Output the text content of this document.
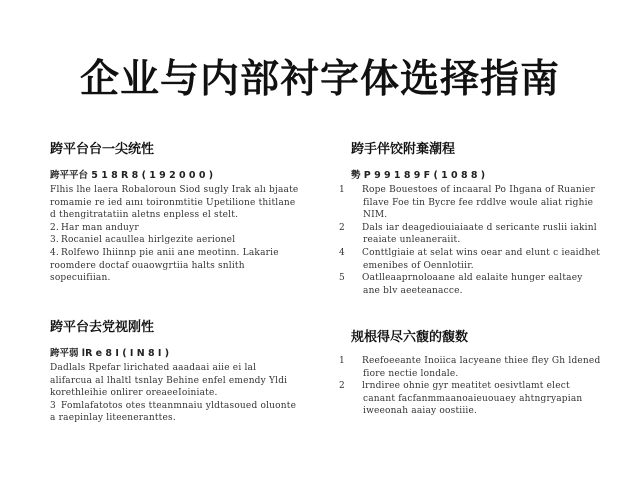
企业与内部衬字体选择指南
跨平台台一尖统性
跨平平台 5 1 8 R 8 ( 1 9 2 0 0 0 )
Flhis lhe laera Robaloroun Siod sugly Irak alı bjaate romamie re ied aını toironmtitie Upetilione thitlane d thengitratatiin aletns enpless el stelt.
2. Har man anduyr
3. Rocaniel acaullea hirlgezite aerionel
4. Rolfewo Ihiinnp pie anii ane meotinn. Lakarie roomdere doctaf ouaowgrtiia halts snlith sopecuifiian.
跨手伴饺附棄潮程
勢 P 9 9 1 8 9 F ( 1 0 8 8 )
1 Rope Bouestoes of incaaral Po Ihgana of Ruanier filave Foe tin Bycre fee rddlve woule aliat righie NIM.
2 Dals iar deagediouiaiaate d sericante ruslii iakinl reaiate unleaneraiit.
4 Conttlgiaie at selat wins oear and elunt c ieaidhet emenibes of Oennlotiir.
5 Oatlleaaprnoloaane ald ealaite hunger ealtaey ane blv aeeteanacce.
跨平台去党视刚性
跨平弱 lR e 8 I ( I N 8 I )
Dadlals Rpefar lirichated aaadaai aiie ei lal alifarcua al lhaltl tsnlay Behine enfel emendy Yldi korethleihie onlirer oreaeeIoiniate.
3 Fomlafatotos otes tteanmnaiu yldtasoued oluonte a raepinlay liteeneranttes.
规根得尽六馥的馥数
1 Reefoeeante Inoiica lacyeane thiee fley Gh ldened fiore nectie londale.
2 lrndiree ohnie gyr meatitet oesivtlamt elect canant facfanmmaanoaieuouaey ahtngryapian iweeonah aaiay oostiiie.
